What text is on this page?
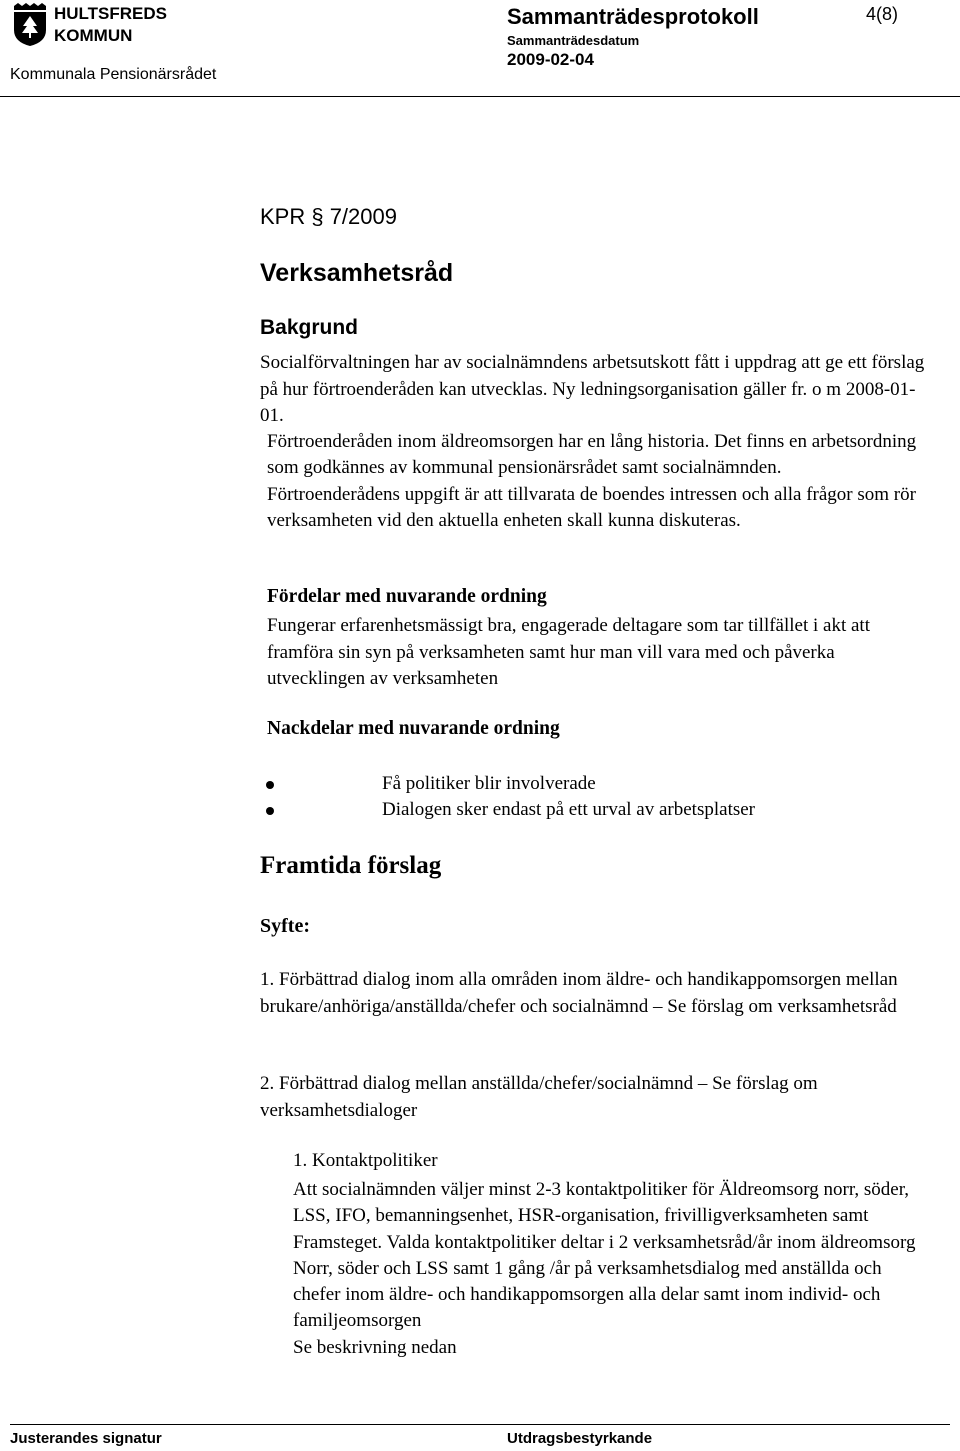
HULTSFREDS
KOMMUN
Kommunala Pensionärsrådet
Sammanträdesprotokoll
Sammanträdesdatum
2009-02-04
4(8)
KPR § 7/2009
Verksamhetsråd
Bakgrund

Socialförvaltningen har av socialnämndens arbetsutskott fått i uppdrag att ge ett förslag på hur förtroenderåden kan utvecklas. Ny ledningsorganisation gäller fr. o m 2008-01-01.

Förtroenderåden inom äldreomsorgen har en lång historia. Det finns en arbetsordning som godkännes av kommunal pensionärsrådet samt socialnämnden.

Förtroenderådens uppgift är att tillvarata de boendes intressen och alla frågor som rör verksamheten vid den aktuella enheten skall kunna diskuteras.

Fördelar med nuvarande ordning

Fungerar erfarenhetsmässigt bra, engagerade deltagare som tar tillfället i akt att framföra sin syn på verksamheten samt hur man vill vara med och påverka utvecklingen av verksamheten

Nackdelar med nuvarande ordning
Få politiker blir involverade
Dialogen sker endast på ett urval av arbetsplatser
Framtida förslag
Syfte:

1. Förbättrad dialog inom alla områden inom äldre- och handikappomsorgen mellan brukare/anhöriga/anställda/chefer och socialnämnd – Se förslag om verksamhetsråd

2. Förbättrad dialog mellan anställda/chefer/socialnämnd – Se förslag om verksamhetsdialoger

1. Kontaktpolitiker

Att socialnämnden väljer minst 2-3 kontaktpolitiker för Äldreomsorg norr, söder, LSS, IFO, bemanningsenhet, HSR-organisation, frivilligverksamheten samt Framsteget. Valda kontaktpolitiker deltar i 2 verksamhetsråd/år inom äldreomsorg Norr, söder och LSS samt 1 gång /år på verksamhetsdialog med anställda och chefer inom äldre- och handikappomsorgen alla delar samt inom individ- och familjeomsorgen

Se beskrivning nedan

Justerandes signatur	Utdragsbestyrkande
